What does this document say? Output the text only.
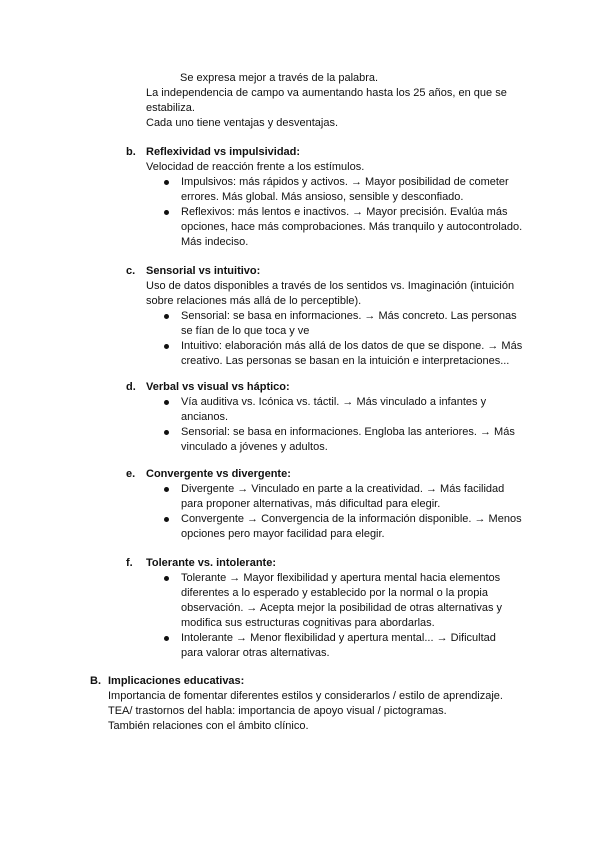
Se expresa mejor a través de la palabra.
La independencia de campo va aumentando hasta los 25 años, en que se
estabiliza.
Cada uno tiene ventajas y desventajas.
b. Reflexividad vs impulsividad:
Velocidad de reacción frente a los estímulos.
Impulsivos: más rápidos y activos. → Mayor posibilidad de cometer
errores. Más global. Más ansioso, sensible y desconfiado.
Reflexivos: más lentos e inactivos. → Mayor precisión. Evalúa más
opciones, hace más comprobaciones. Más tranquilo y autocontrolado.
Más indeciso.
c. Sensorial vs intuitivo:
Uso de datos disponibles a través de los sentidos vs. Imaginación (intuición
sobre relaciones más allá de lo perceptible).
Sensorial: se basa en informaciones. → Más concreto. Las personas
se fían de lo que toca y ve
Intuitivo: elaboración más allá de los datos de que se dispone. → Más
creativo. Las personas se basan en la intuición e interpretaciones...
d. Verbal vs visual vs háptico:
Vía auditiva vs. Icónica vs. táctil. → Más vinculado a infantes y
ancianos.
Sensorial: se basa en informaciones. Engloba las anteriores. → Más
vinculado a jóvenes y adultos.
e. Convergente vs divergente:
Divergente → Vinculado en parte a la creatividad. → Más facilidad
para proponer alternativas, más dificultad para elegir.
Convergente → Convergencia de la información disponible. → Menos
opciones pero mayor facilidad para elegir.
f. Tolerante vs. intolerante:
Tolerante → Mayor flexibilidad y apertura mental hacia elementos
diferentes a lo esperado y establecido por la normal o la propia
observación. → Acepta mejor la posibilidad de otras alternativas y
modifica sus estructuras cognitivas para abordarlas.
Intolerante → Menor flexibilidad y apertura mental... → Dificultad
para valorar otras alternativas.
B. Implicaciones educativas:
Importancia de fomentar diferentes estilos y considerarlos / estilo de aprendizaje.
TEA/ trastornos del habla: importancia de apoyo visual / pictogramas.
También relaciones con el ámbito clínico.
